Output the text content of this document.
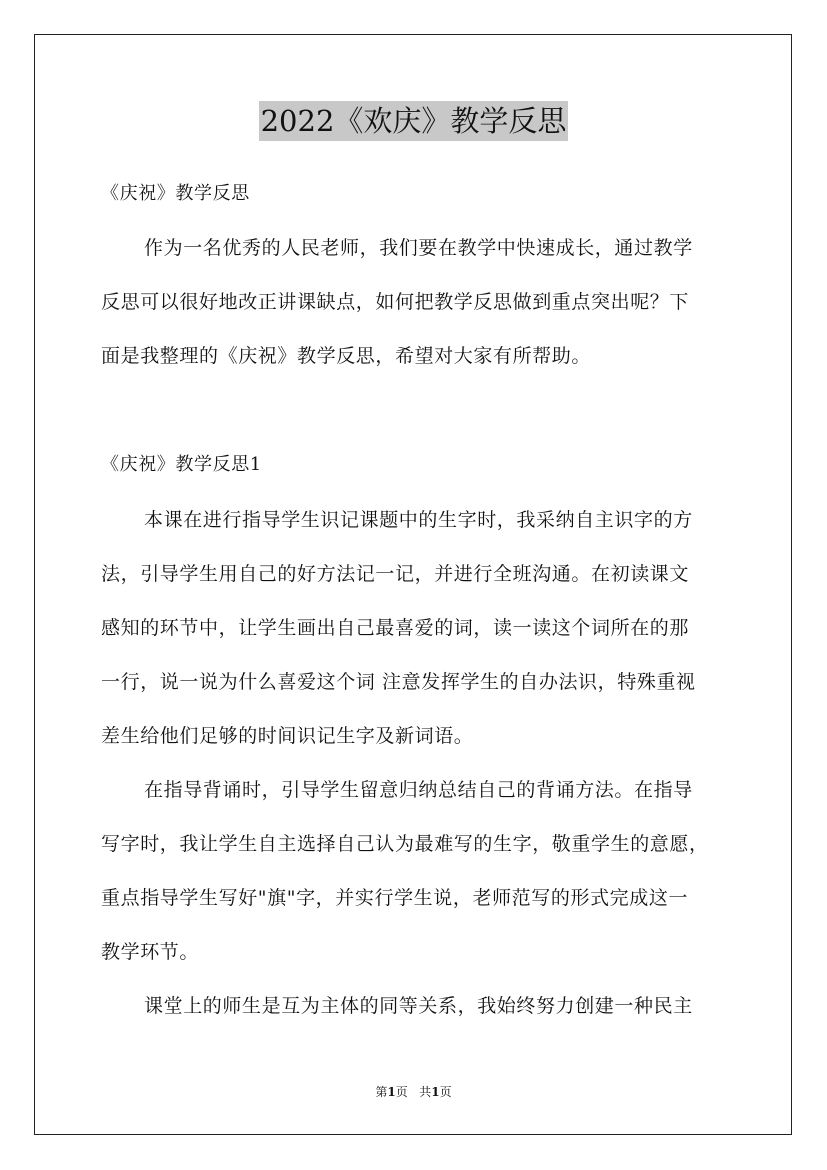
2022《欢庆》教学反思
《庆祝》教学反思
作为一名优秀的人民老师，我们要在教学中快速成长，通过教学
反思可以很好地改正讲课缺点，如何把教学反思做到重点突出呢？下
面是我整理的《庆祝》教学反思，希望对大家有所帮助。
《庆祝》教学反思1
本课在进行指导学生识记课题中的生字时，我采纳自主识字的方
法，引导学生用自己的好方法记一记，并进行全班沟通。在初读课文
感知的环节中，让学生画出自己最喜爱的词，读一读这个词所在的那
一行，说一说为什么喜爱这个词 注意发挥学生的自办法识，特殊重视
差生给他们足够的时间识记生字及新词语。
在指导背诵时，引导学生留意归纳总结自己的背诵方法。在指导
写字时，我让学生自主选择自己认为最难写的生字，敬重学生的意愿，
重点指导学生写好"旗"字，并实行学生说，老师范写的形式完成这一
教学环节。
课堂上的师生是互为主体的同等关系，我始终努力创建一种民主
第1页 共1页
